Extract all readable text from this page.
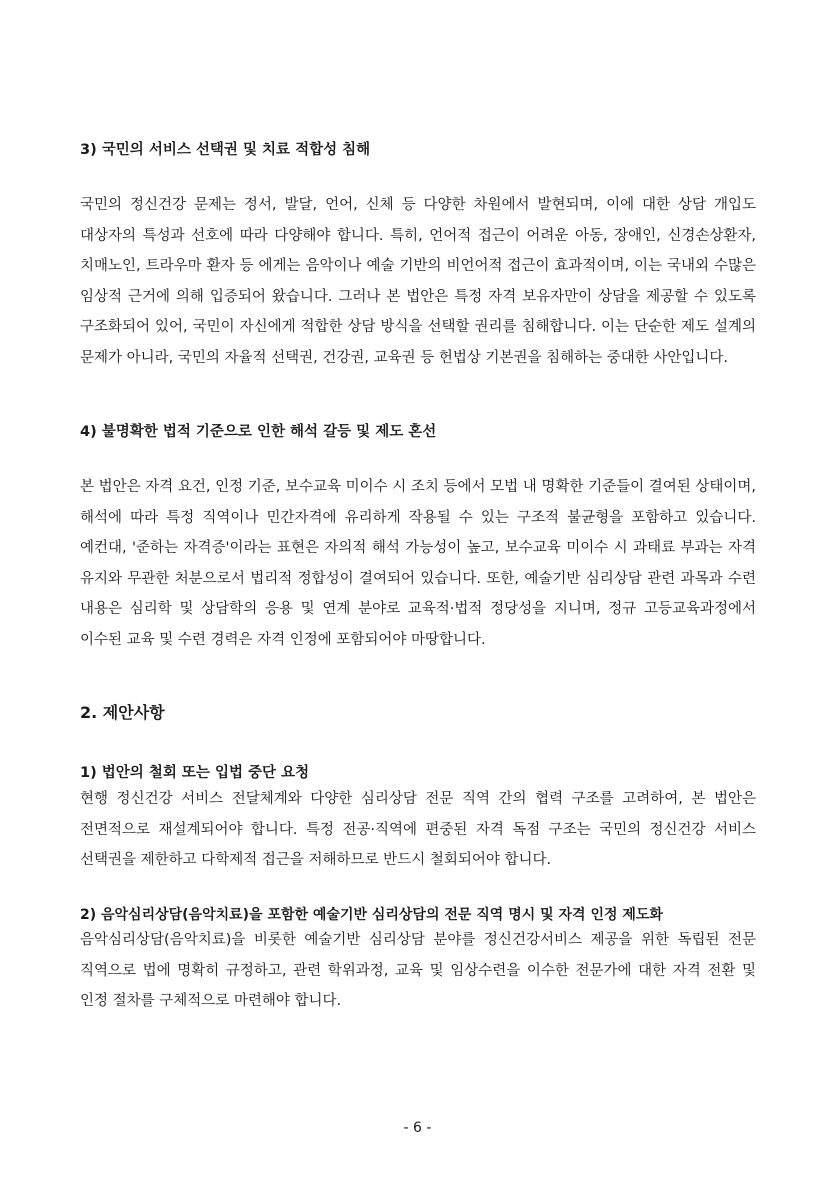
3) 국민의 서비스 선택권 및 치료 적합성 침해
국민의 정신건강 문제는 정서, 발달, 언어, 신체 등 다양한 차원에서 발현되며, 이에 대한 상담 개입도 대상자의 특성과 선호에 따라 다양해야 합니다. 특히, 언어적 접근이 어려운 아동, 장애인, 신경손상환자, 치매노인, 트라우마 환자 등 에게는 음악이나 예술 기반의 비언어적 접근이 효과적이며, 이는 국내외 수많은 임상적 근거에 의해 입증되어 왔습니다. 그러나 본 법안은 특정 자격 보유자만이 상담을 제공할 수 있도록 구조화되어 있어, 국민이 자신에게 적합한 상담 방식을 선택할 권리를 침해합니다. 이는 단순한 제도 설계의 문제가 아니라, 국민의 자율적 선택권, 건강권, 교육권 등 헌법상 기본권을 침해하는 중대한 사안입니다.
4) 불명확한 법적 기준으로 인한 해석 갈등 및 제도 혼선
본 법안은 자격 요건, 인정 기준, 보수교육 미이수 시 조치 등에서 모법 내 명확한 기준들이 결여된 상태이며, 해석에 따라 특정 직역이나 민간자격에 유리하게 작용될 수 있는 구조적 불균형을 포함하고 있습니다. 예컨대, '준하는 자격증'이라는 표현은 자의적 해석 가능성이 높고, 보수교육 미이수 시 과태료 부과는 자격 유지와 무관한 처분으로서 법리적 정합성이 결여되어 있습니다. 또한, 예술기반 심리상담 관련 과목과 수련 내용은 심리학 및 상담학의 응용 및 연계 분야로 교육적·법적 정당성을 지니며, 정규 고등교육과정에서 이수된 교육 및 수련 경력은 자격 인정에 포함되어야 마땅합니다.
2. 제안사항
1) 법안의 철회 또는 입법 중단 요청
현행 정신건강 서비스 전달체계와 다양한 심리상담 전문 직역 간의 협력 구조를 고려하여, 본 법안은 전면적으로 재설계되어야 합니다. 특정 전공·직역에 편중된 자격 독점 구조는 국민의 정신건강 서비스 선택권을 제한하고 다학제적 접근을 저해하므로 반드시 철회되어야 합니다.
2) 음악심리상담(음악치료)을 포함한 예술기반 심리상담의 전문 직역 명시 및 자격 인정 제도화
음악심리상담(음악치료)을 비롯한 예술기반 심리상담 분야를 정신건강서비스 제공을 위한 독립된 전문 직역으로 법에 명확히 규정하고, 관련 학위과정, 교육 및 임상수련을 이수한 전문가에 대한 자격 전환 및 인정 절차를 구체적으로 마련해야 합니다.
- 6 -
